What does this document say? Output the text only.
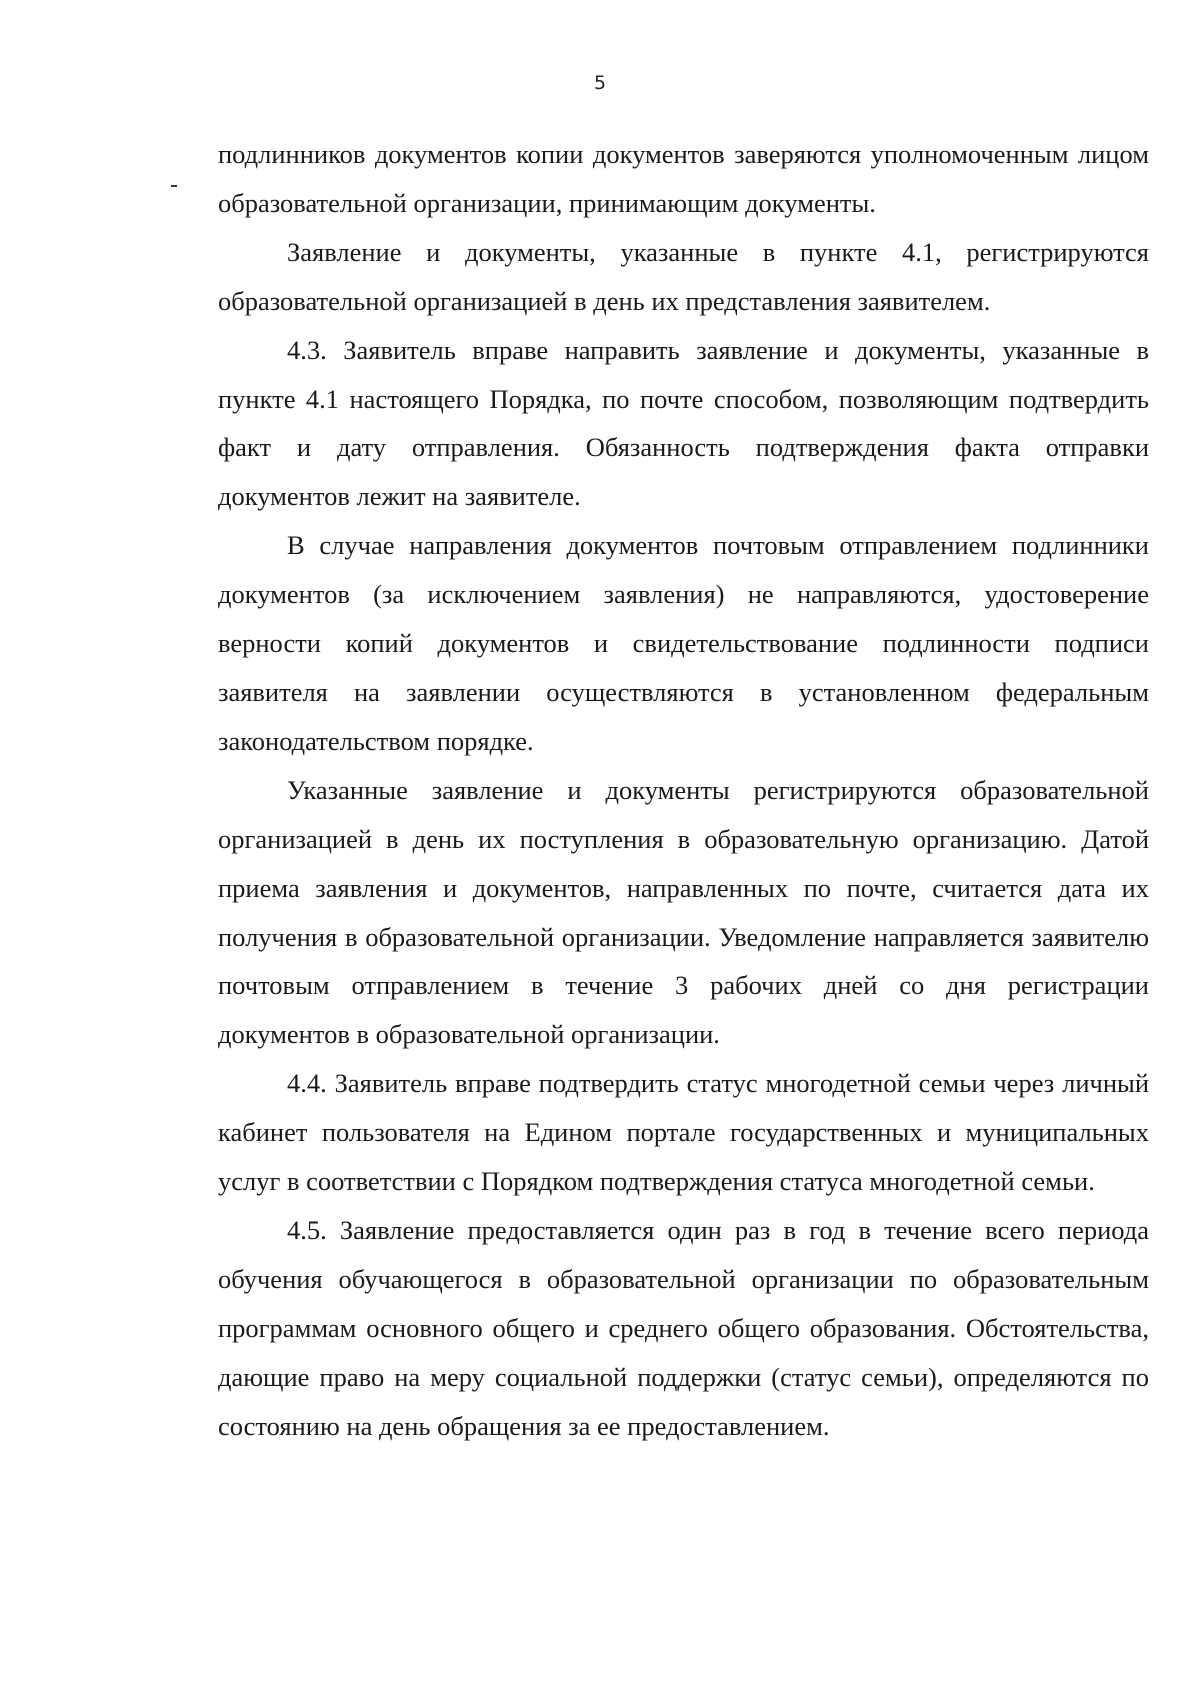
5

подлинников документов копии документов заверяются уполномоченным лицом образовательной организации, принимающим документы.

Заявление и документы, указанные в пункте 4.1, регистрируются образовательной организацией в день их представления заявителем.

4.3. Заявитель вправе направить заявление и документы, указанные в пункте 4.1 настоящего Порядка, по почте способом, позволяющим подтвердить факт и дату отправления. Обязанность подтверждения факта отправки документов лежит на заявителе.

В случае направления документов почтовым отправлением подлинники документов (за исключением заявления) не направляются, удостоверение верности копий документов и свидетельствование подлинности подписи заявителя на заявлении осуществляются в установленном федеральным законодательством порядке.

Указанные заявление и документы регистрируются образовательной организацией в день их поступления в образовательную организацию. Датой приема заявления и документов, направленных по почте, считается дата их получения в образовательной организации. Уведомление направляется заявителю почтовым отправлением в течение 3 рабочих дней со дня регистрации документов в образовательной организации.

4.4. Заявитель вправе подтвердить статус многодетной семьи через личный кабинет пользователя на Едином портале государственных и муниципальных услуг в соответствии с Порядком подтверждения статуса многодетной семьи.

4.5. Заявление предоставляется один раз в год в течение всего периода обучения обучающегося в образовательной организации по образовательным программам основного общего и среднего общего образования. Обстоятельства, дающие право на меру социальной поддержки (статус семьи), определяются по состоянию на день обращения за ее предоставлением.
